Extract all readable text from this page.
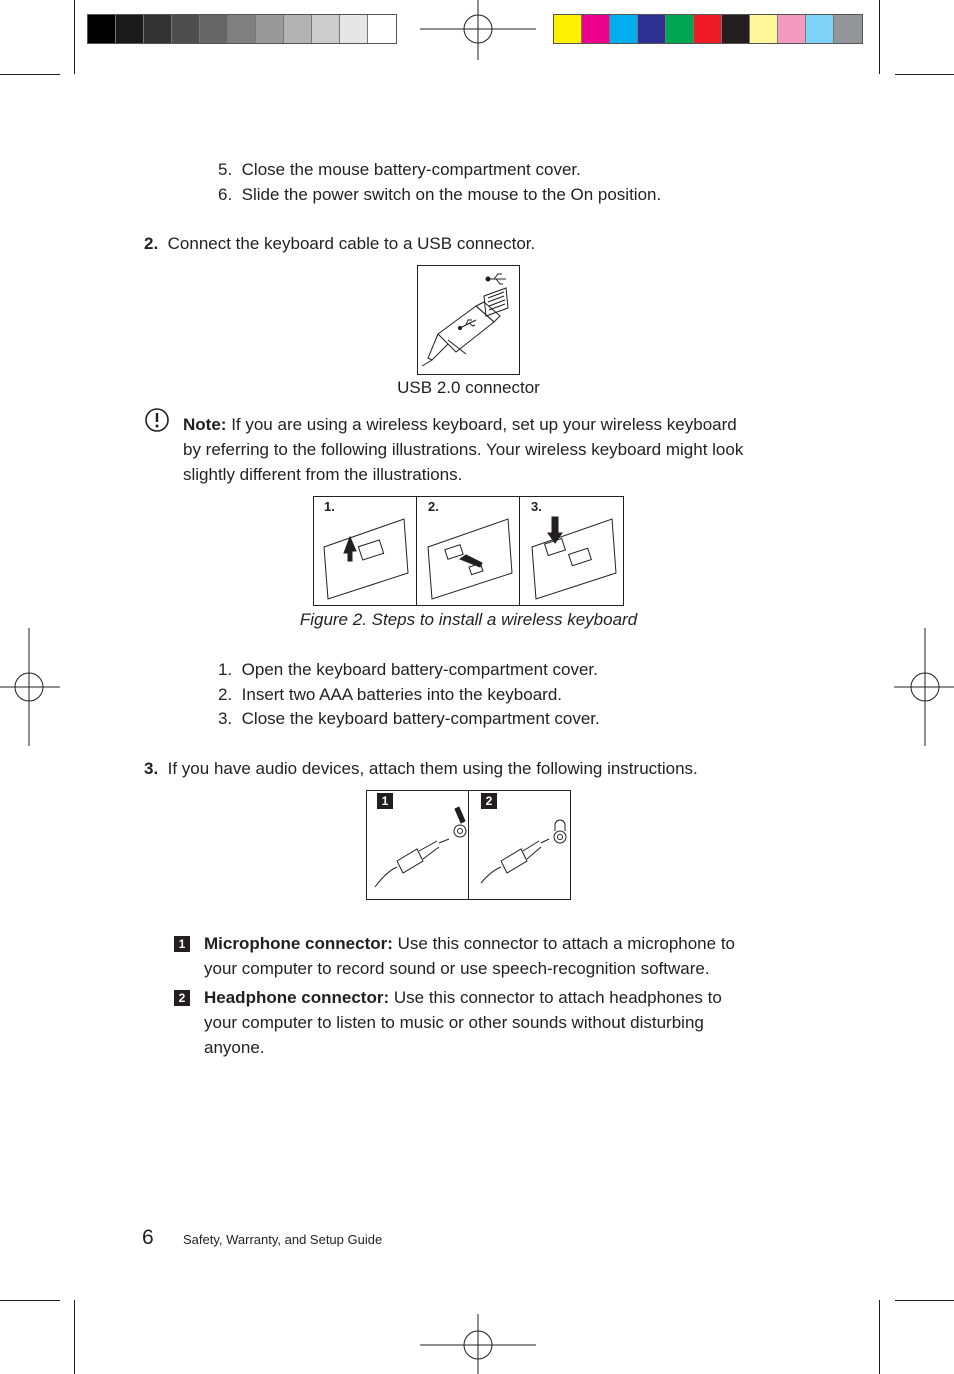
5. Close the mouse battery-compartment cover.
6. Slide the power switch on the mouse to the On position.
2. Connect the keyboard cable to a USB connector.
USB 2.0 connector
Note: If you are using a wireless keyboard, set up your wireless keyboard
by referring to the following illustrations. Your wireless keyboard might look
slightly different from the illustrations.
1.	2.	3.
Figure 2. Steps to install a wireless keyboard
1. Open the keyboard battery-compartment cover.
2. Insert two AAA batteries into the keyboard.
3. Close the keyboard battery-compartment cover.
3. If you have audio devices, attach them using the following instructions.
1	2
1 Microphone connector: Use this connector to attach a microphone to
your computer to record sound or use speech-recognition software.
2 Headphone connector: Use this connector to attach headphones to
your computer to listen to music or other sounds without disturbing
anyone.
6 Safety, Warranty, and Setup Guide
